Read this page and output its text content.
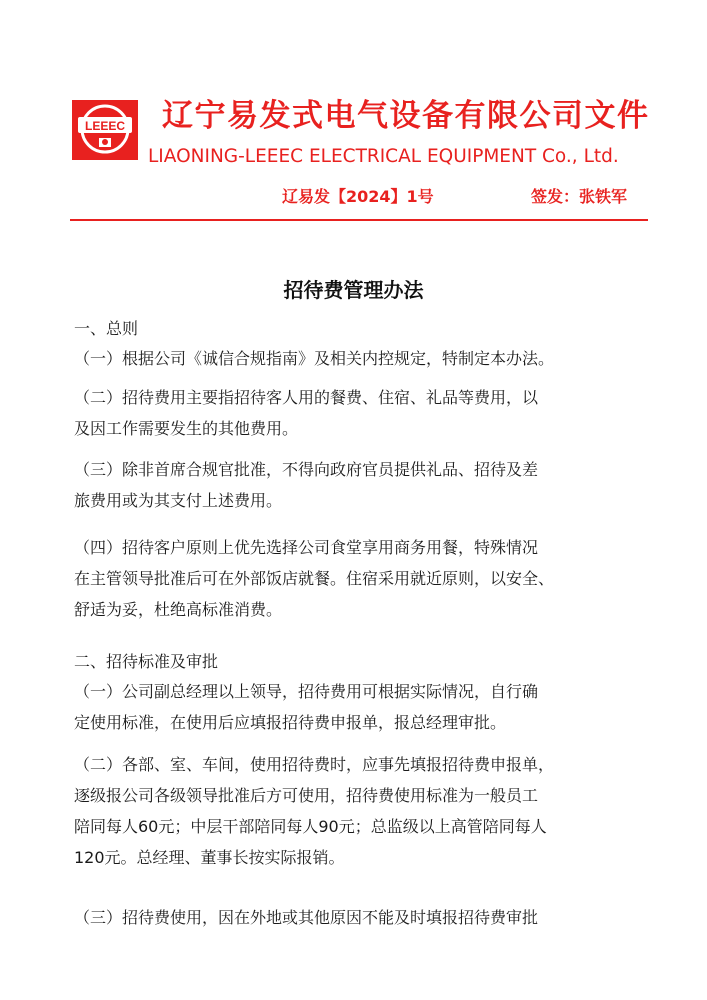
LEEEC 辽宁易发式电气设备有限公司文件
LIAONING-LEEEC ELECTRICAL EQUIPMENT Co., Ltd.
辽易发【2024】1号	签发：张铁军
招待费管理办法
一、总则
（一）根据公司《诚信合规指南》及相关内控规定，特制定本办法。
（二）招待费用主要指招待客人用的餐费、住宿、礼品等费用，以
及因工作需要发生的其他费用。
（三）除非首席合规官批准，不得向政府官员提供礼品、招待及差
旅费用或为其支付上述费用。
（四）招待客户原则上优先选择公司食堂享用商务用餐，特殊情况
在主管领导批准后可在外部饭店就餐。住宿采用就近原则，以安全、
舒适为妥，杜绝高标准消费。
二、招待标准及审批
（一）公司副总经理以上领导，招待费用可根据实际情况，自行确
定使用标准，在使用后应填报招待费申报单，报总经理审批。
（二）各部、室、车间，使用招待费时，应事先填报招待费申报单，
逐级报公司各级领导批准后方可使用，招待费使用标准为一般员工
陪同每人60元；中层干部陪同每人90元；总监级以上高管陪同每人
120元。总经理、董事长按实际报销。
（三）招待费使用，因在外地或其他原因不能及时填报招待费审批
